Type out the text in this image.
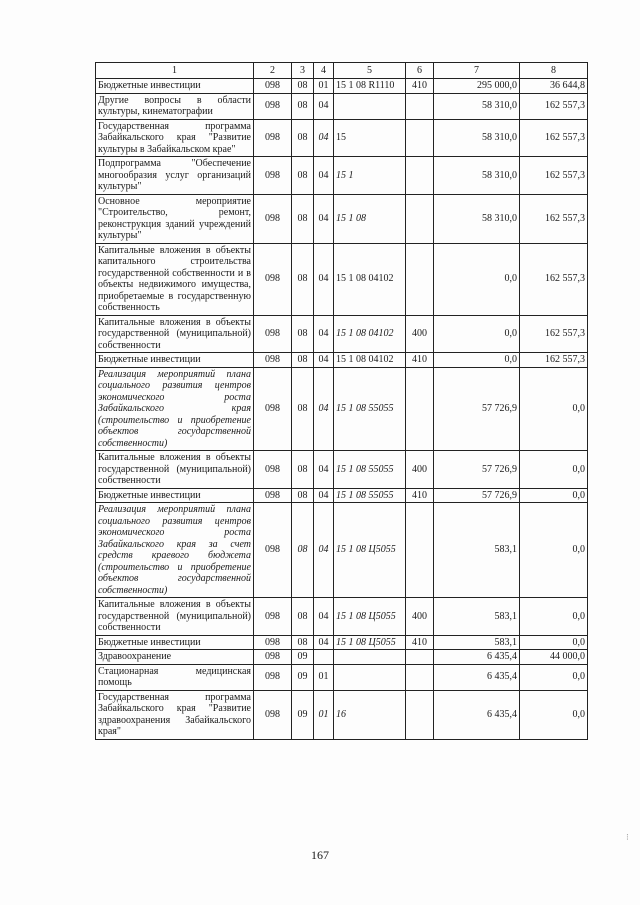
1	2	3	4	5	6	7	8
Бюджетные инвестиции	098	08	01	15 1 08 R1110	410	295 000,0	36 644,8
Другие вопросы в области культуры, кинематографии	098	08	04			58 310,0	162 557,3
Государственная программа Забайкальского края "Развитие культуры в Забайкальском крае"	098	08	04	15		58 310,0	162 557,3
Подпрограмма "Обеспечение многообразия услуг организаций культуры"	098	08	04	15 1		58 310,0	162 557,3
Основное мероприятие "Строительство, ремонт, реконструкция зданий учреждений культуры"	098	08	04	15 1 08		58 310,0	162 557,3
Капитальные вложения в объекты капитального строительства государственной собственности и в объекты недвижимого имущества, приобретаемые в государственную собственность	098	08	04	15 1 08 04102		0,0	162 557,3
Капитальные вложения в объекты государственной (муниципальной) собственности	098	08	04	15 1 08 04102	400	0,0	162 557,3
Бюджетные инвестиции	098	08	04	15 1 08 04102	410	0,0	162 557,3
Реализация мероприятий плана социального развития центров экономического роста Забайкальского края (строительство и приобретение объектов государственной собственности)	098	08	04	15 1 08 55055		57 726,9	0,0
Капитальные вложения в объекты государственной (муниципальной) собственности	098	08	04	15 1 08 55055	400	57 726,9	0,0
Бюджетные инвестиции	098	08	04	15 1 08 55055	410	57 726,9	0,0
Реализация мероприятий плана социального развития центров экономического роста Забайкальского края за счет средств краевого бюджета (строительство и приобретение объектов государственной собственности)	098	08	04	15 1 08 Ц5055		583,1	0,0
Капитальные вложения в объекты государственной (муниципальной) собственности	098	08	04	15 1 08 Ц5055	400	583,1	0,0
Бюджетные инвестиции	098	08	04	15 1 08 Ц5055	410	583,1	0,0
Здравоохранение	098	09				6 435,4	44 000,0
Стационарная медицинская помощь	098	09	01			6 435,4	0,0
Государственная программа Забайкальского края "Развитие здравоохранения Забайкальского края"	098	09	01	16		6 435,4	0,0
167
⁝
